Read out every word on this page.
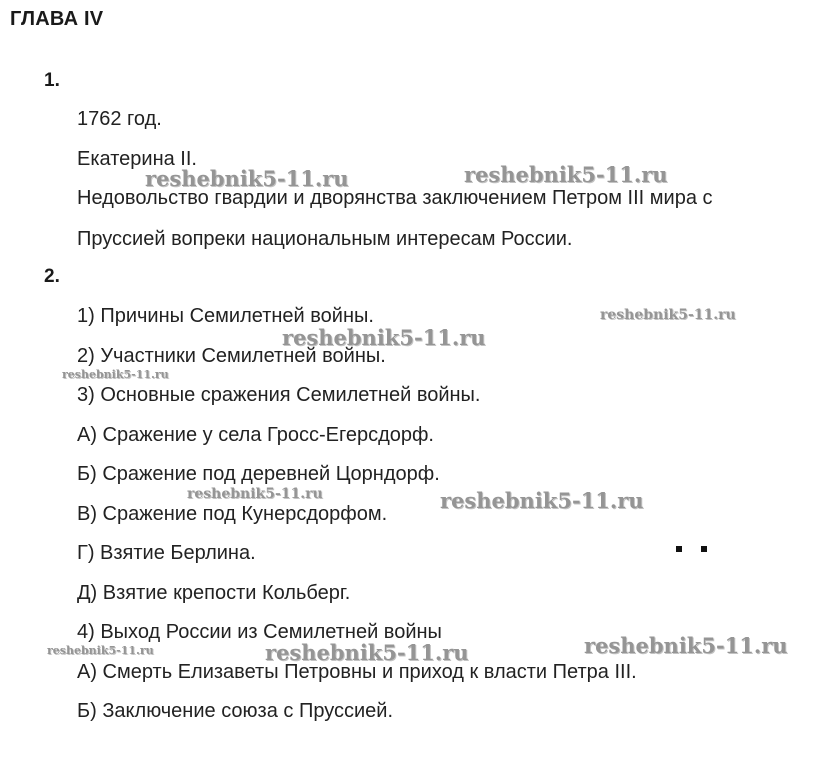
ГЛАВА IV
1.
1762 год.
Екатерина II.
Недовольство гвардии и дворянства заключением Петром III мира с
Пруссией вопреки национальным интересам России.
2.
1) Причины Семилетней войны.
2) Участники Семилетней войны.
3) Основные сражения Семилетней войны.
А) Сражение у села Гросс-Егерсдорф.
Б) Сражение под деревней Цорндорф.
В) Сражение под Кунерсдорфом.
Г) Взятие Берлина.
Д) Взятие крепости Кольберг.
4) Выход России из Семилетней войны
А) Смерть Елизаветы Петровны и приход к власти Петра III.
Б) Заключение союза с Пруссией.
reshebnik5-11.ru	reshebnik5-11.ru
reshebnik5-11.ru
reshebnik5-11.ru
reshebnik5-11.ru
reshebnik5-11.ru	reshebnik5-11.ru
reshebnik5-11.ru
reshebnik5-11.ru	reshebnik5-11.ru
